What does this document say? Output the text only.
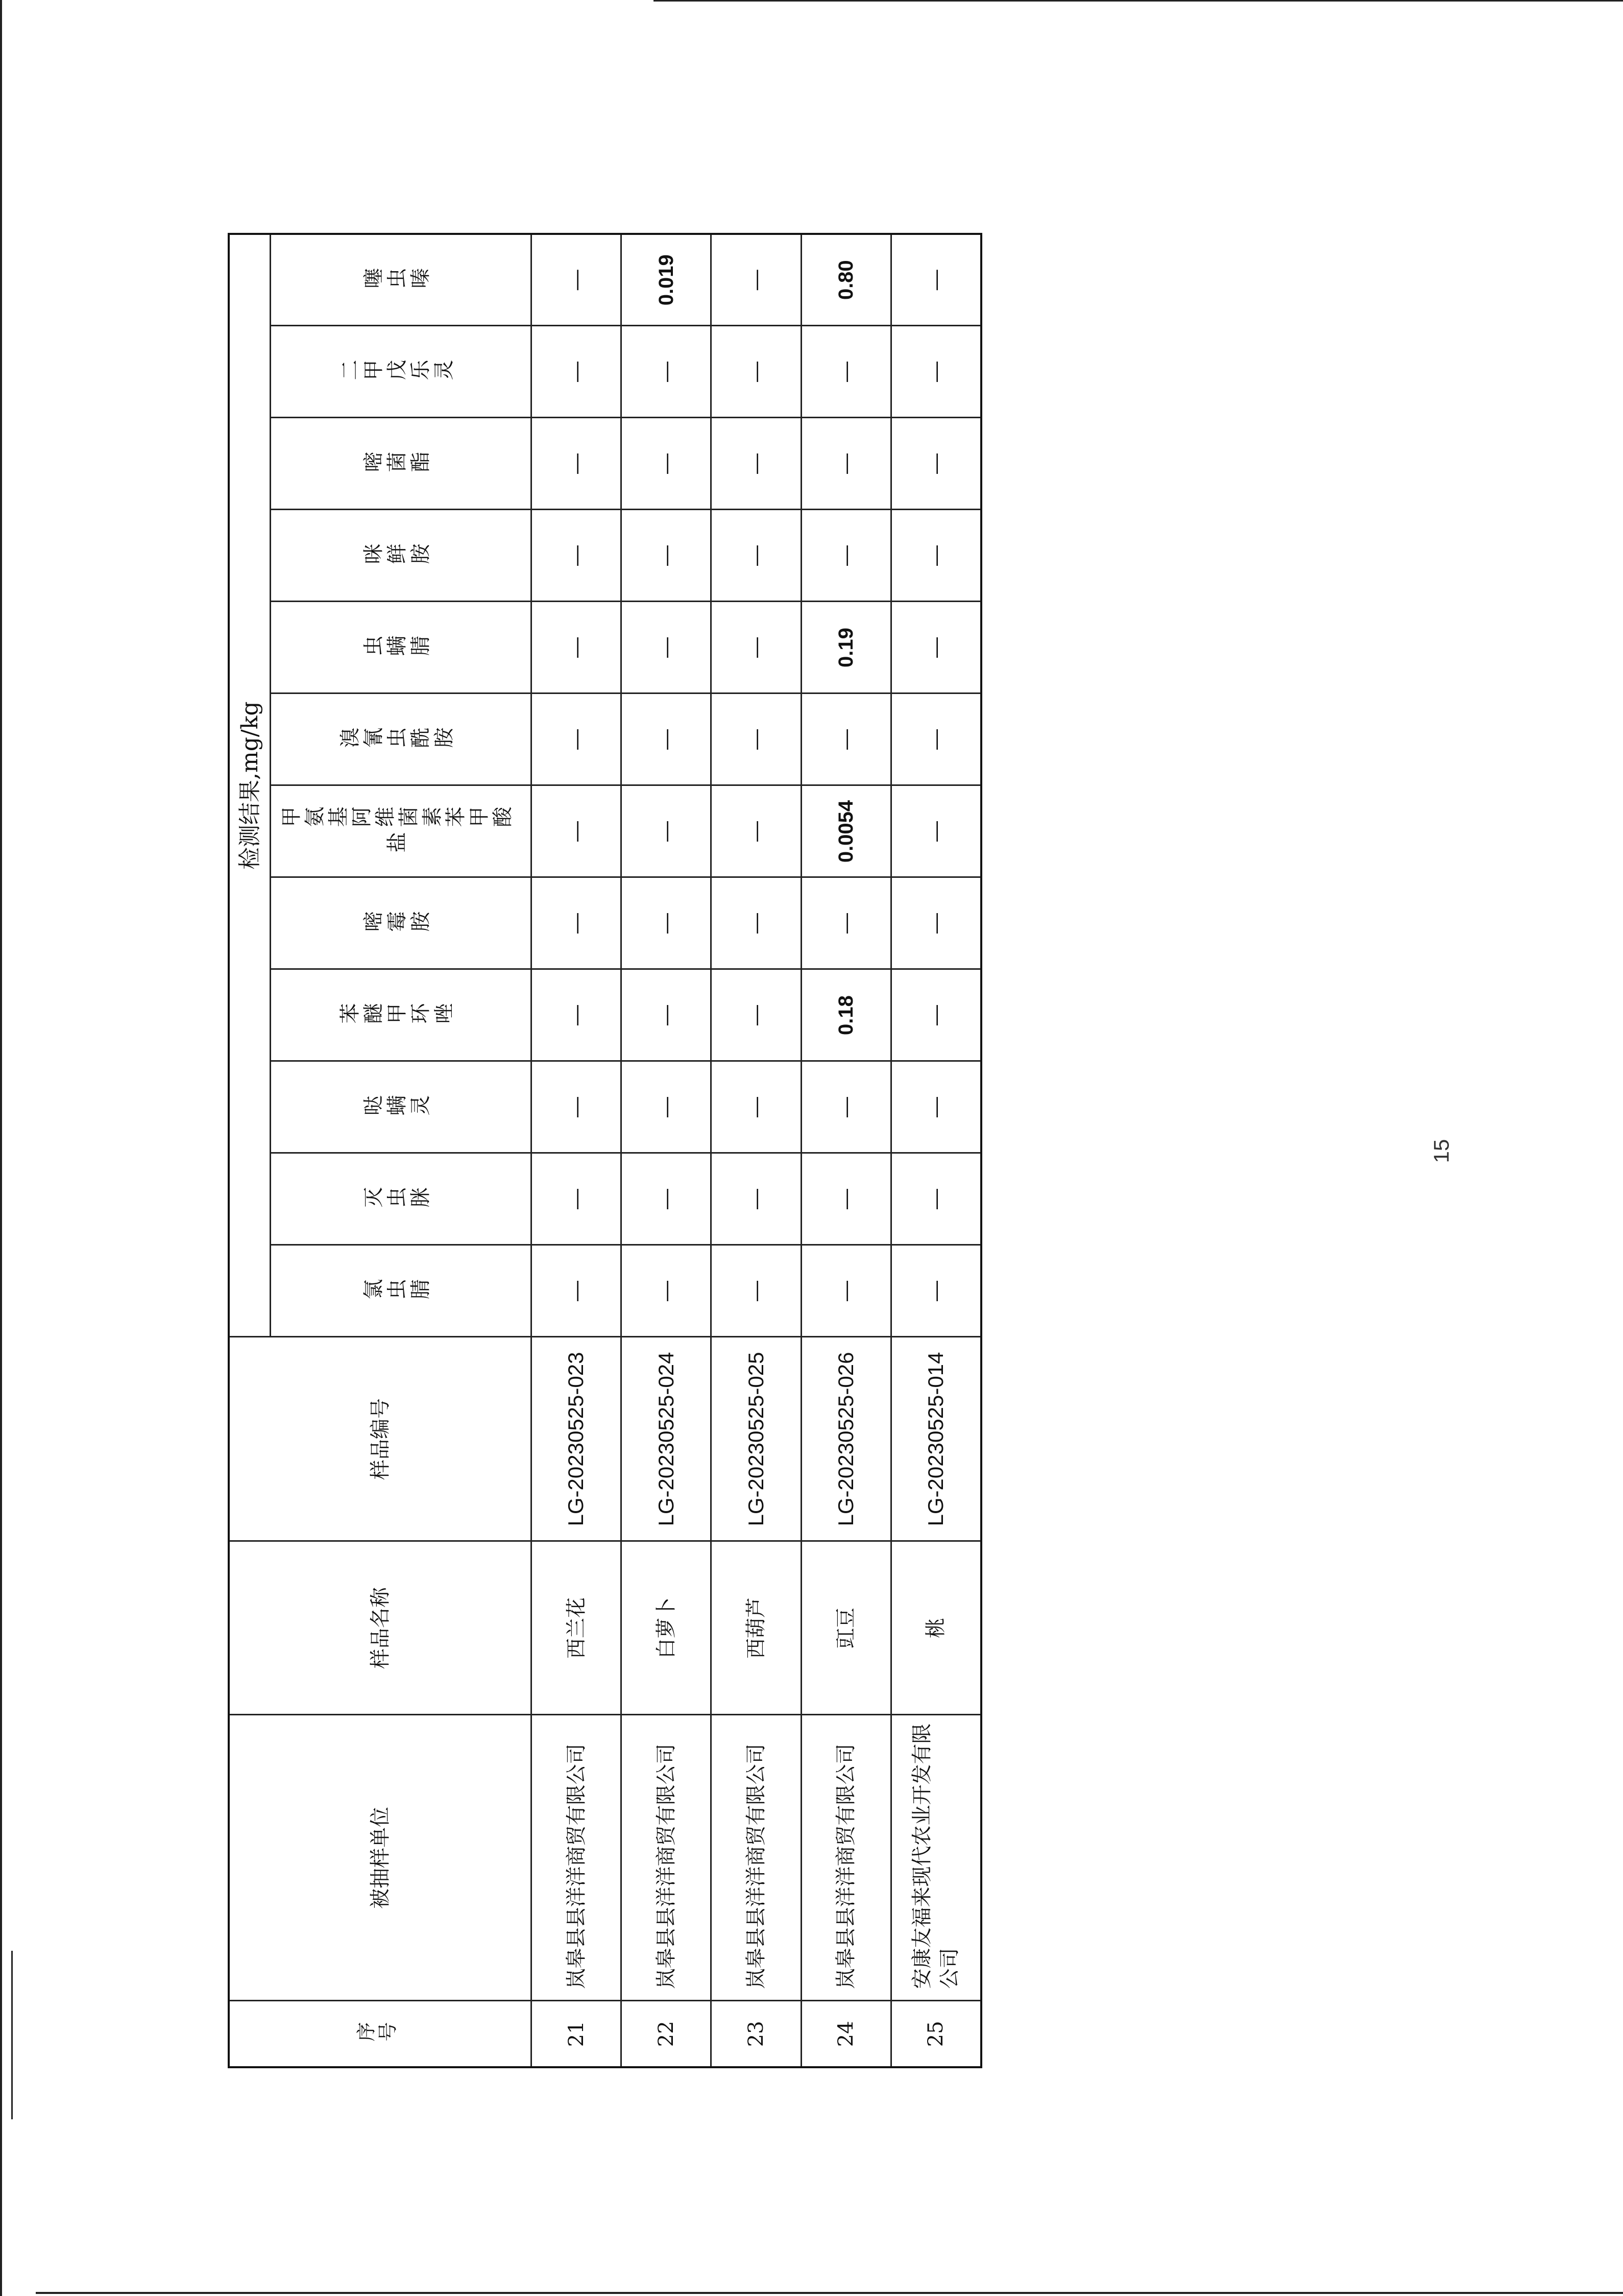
序号	被抽样单位	样品名称	样品编号	检测结果,mg/kg											
				氯虫腈	灭虫脒	哒螨灵	苯醚甲环唑	嘧霉胺	甲氨基阿维菌素苯甲酸盐	溴氰虫酰胺	虫螨腈	咪鲜胺	嘧菌酯	二甲戊乐灵	噻虫嗪
21	岚皋县县洋洋商贸有限公司	西兰花	LG-20230525-023	—	—	—	—	—	—	—	—	—	—	—	—
22	岚皋县县洋洋商贸有限公司	白萝卜	LG-20230525-024	—	—	—	—	—	—	—	—	—	—	—	0.019
23	岚皋县县洋洋商贸有限公司	西葫芦	LG-20230525-025	—	—	—	—	—	—	—	—	—	—	—	—
24	岚皋县县洋洋商贸有限公司	豇豆	LG-20230525-026	—	—	—	0.18	—	0.0054	—	0.19	—	—	—	0.80
25	安康友福来现代农业开发有限公司	桃	LG-20230525-014	—	—	—	—	—	—	—	—	—	—	—	—
15
